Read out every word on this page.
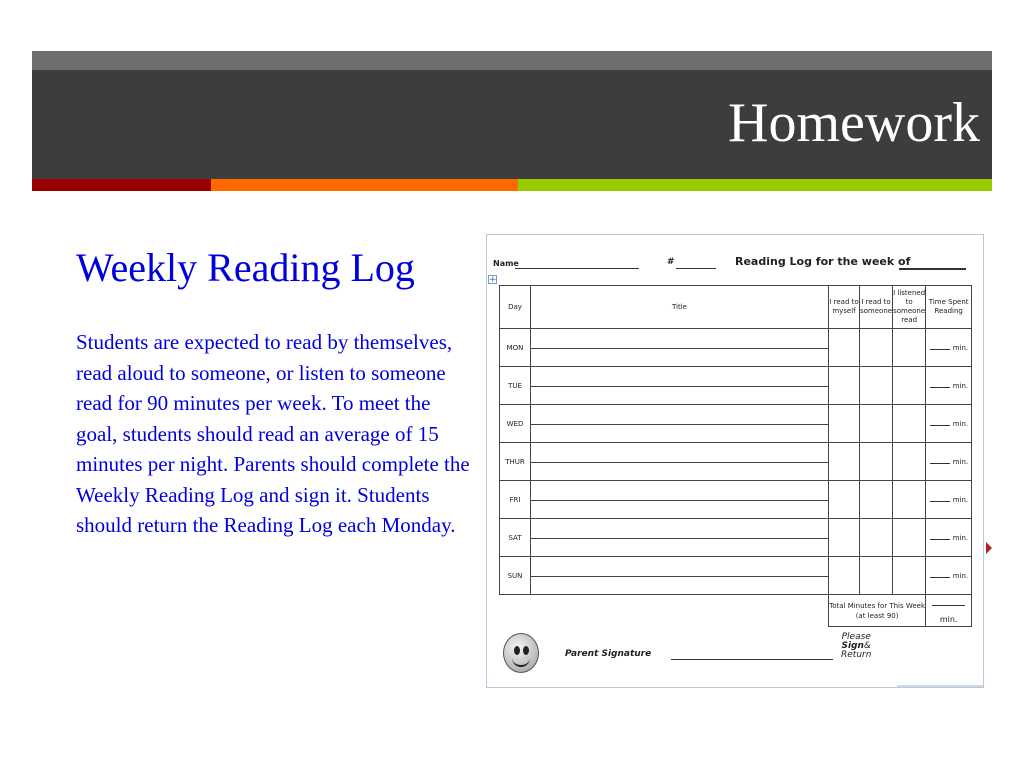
Homework
Weekly Reading Log

Students are expected to read by themselves, read aloud to someone, or listen to someone read for 90 minutes per week. To meet the goal, students should read an average of 15 minutes per night. Parents should complete the Weekly Reading Log and sign it. Students should return the Reading Log each Monday.

+
Name	#	Reading Log for the week of
Day	Title	I read to myself	I read to someone	I listened to someone read	Time Spent Reading
MON					min.
TUE					min.
WED					min.
THUR					min.
FRI					min.
SAT					min.
SUN					min.
		Total Minutes for This Week (at least 90)			min.
Parent Signature
Please
Sign&
Return
